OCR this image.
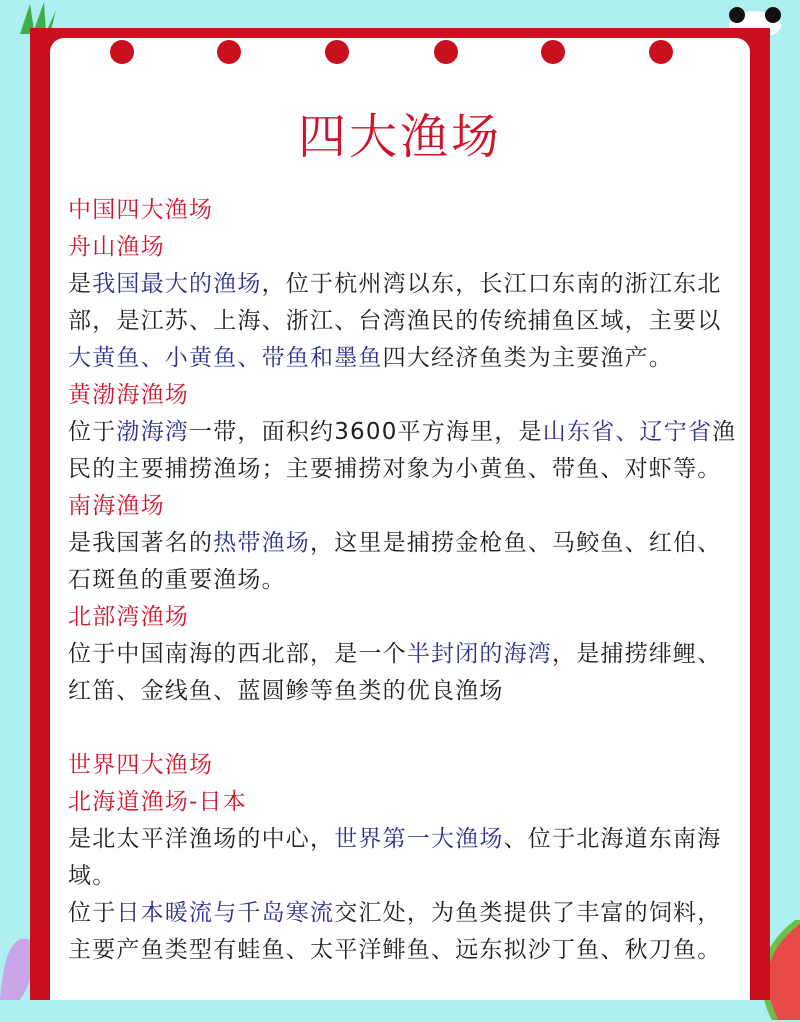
四大渔场
中国四大渔场
舟山渔场
是我国最大的渔场，位于杭州湾以东，长江口东南的浙江东北
部，是江苏、上海、浙江、台湾渔民的传统捕鱼区域，主要以
大黄鱼、小黄鱼、带鱼和墨鱼四大经济鱼类为主要渔产。
黄渤海渔场
位于渤海湾一带，面积约3600平方海里，是山东省、辽宁省渔
民的主要捕捞渔场；主要捕捞对象为小黄鱼、带鱼、对虾等。
南海渔场
是我国著名的热带渔场，这里是捕捞金枪鱼、马鲛鱼、红伯、
石斑鱼的重要渔场。
北部湾渔场
位于中国南海的西北部，是一个半封闭的海湾，是捕捞绯鲤、
红笛、金线鱼、蓝圆鲹等鱼类的优良渔场
世界四大渔场
北海道渔场-日本
是北太平洋渔场的中心，世界第一大渔场、位于北海道东南海
域。
位于日本暖流与千岛寒流交汇处，为鱼类提供了丰富的饲料，
主要产鱼类型有蛙鱼、太平洋鲱鱼、远东拟沙丁鱼、秋刀鱼。
